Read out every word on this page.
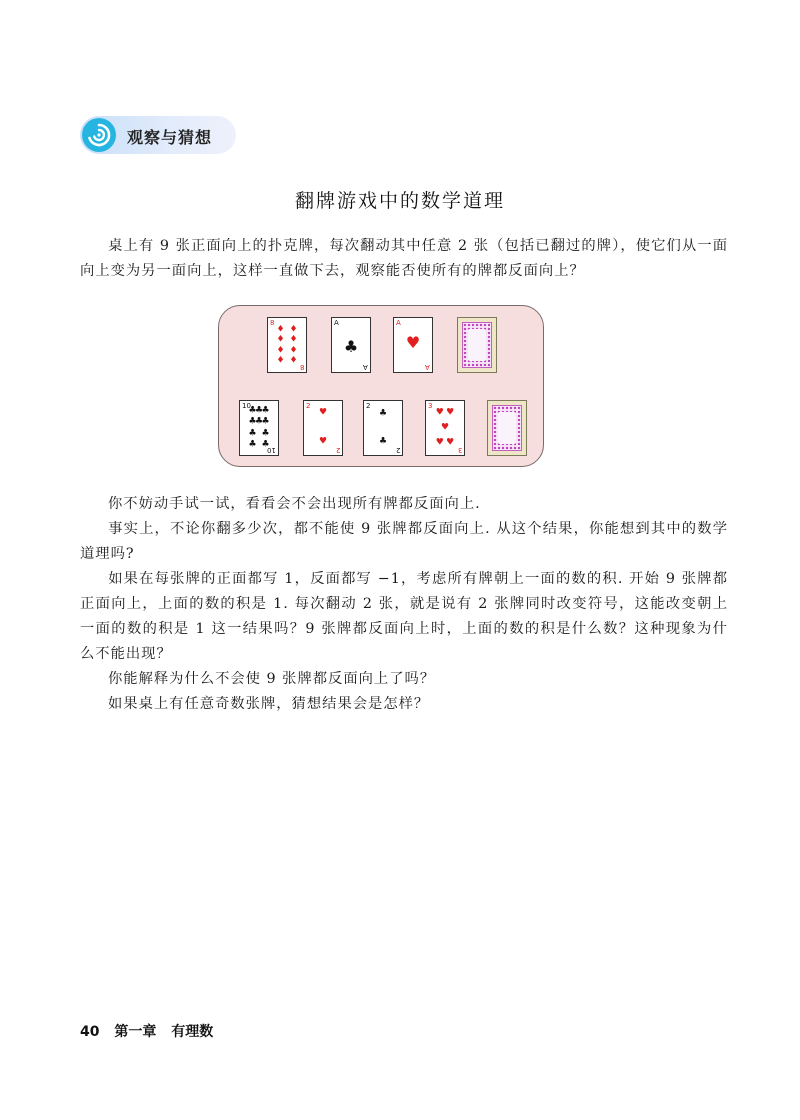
观察与猜想
翻牌游戏中的数学道理

桌上有 9 张正面向上的扑克牌，每次翻动其中任意 2 张（包括已翻过的牌），使它们从一面向上变为另一面向上，这样一直做下去，观察能否使所有的牌都反面向上？

8
8
♦ ♦
♦ ♦
♦ ♦
♦ ♦
A
A
♣
A
A
♥
10
10
♣
♣
♣
♣
♣
♣
♣ ♣
♣ ♣
2
2
♥
♥
2
2
♣
♣
3
3
♥ ♥
♥
♥ ♥

你不妨动手试一试，看看会不会出现所有牌都反面向上.

事实上，不论你翻多少次，都不能使 9 张牌都反面向上. 从这个结果，你能想到其中的数学道理吗?

如果在每张牌的正面都写 1，反面都写 −1，考虑所有牌朝上一面的数的积. 开始 9 张牌都正面向上，上面的数的积是 1. 每次翻动 2 张，就是说有 2 张牌同时改变符号，这能改变朝上一面的数的积是 1 这一结果吗？9 张牌都反面向上时，上面的数的积是什么数？这种现象为什么不能出现？

你能解释为什么不会使 9 张牌都反面向上了吗？

如果桌上有任意奇数张牌，猜想结果会是怎样？

40 第一章 有理数
